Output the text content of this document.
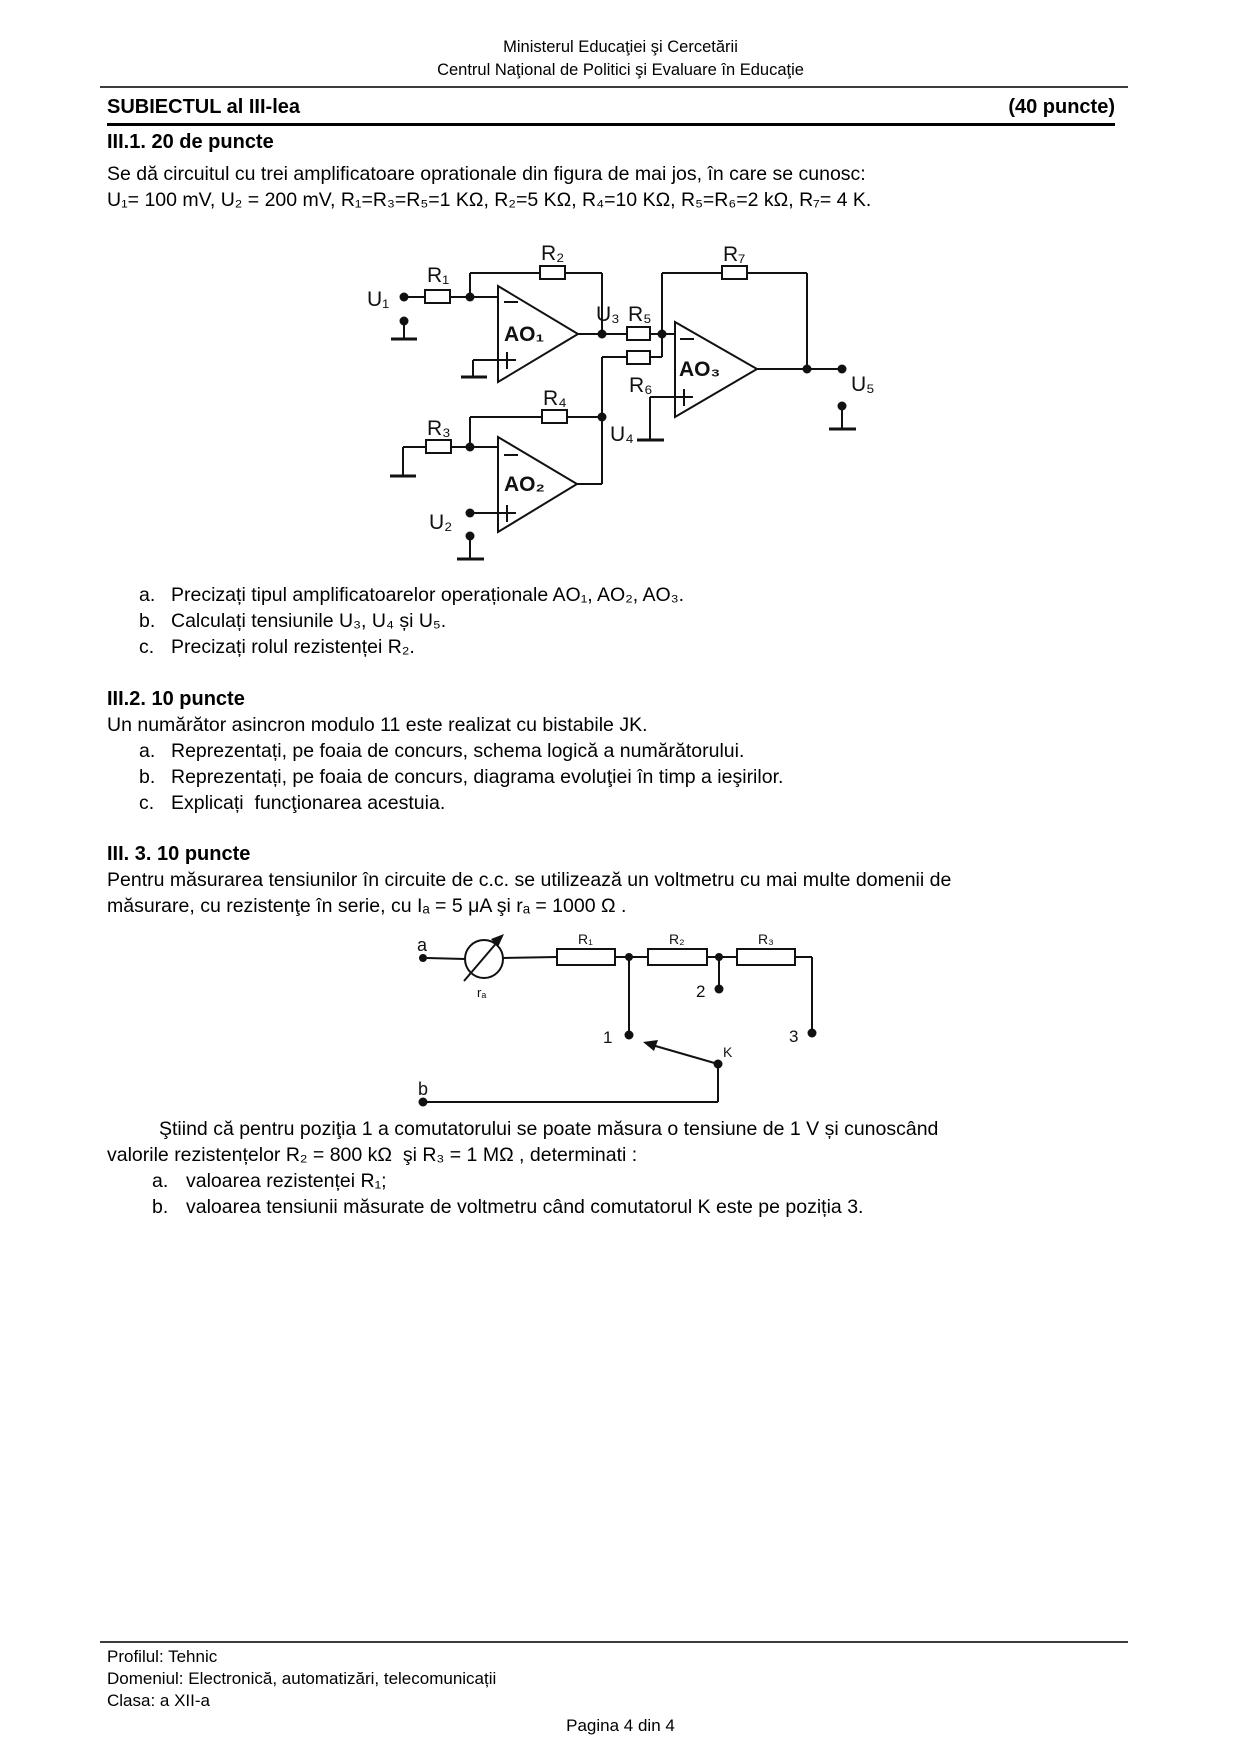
Ministerul Educaţiei şi Cercetării
Centrul Naţional de Politici şi Evaluare în Educaţie
SUBIECTUL al III-lea	(40 puncte)
III.1. 20 de puncte
Se dă circuitul cu trei amplificatoare oprationale din figura de mai jos, în care se cunosc:
U₁= 100 mV, U₂ = 200 mV, R₁=R₃=R₅=1 KΩ, R₂=5 KΩ, R₄=10 KΩ, R₅=R₆=2 kΩ, R₇= 4 K.
U₁
R₁
R₂	R₇
U₃ R₅
R₆
U₄
R₄
R₃
U₂
U₅
AO₁
AO₂
AO₃
a. Precizați tipul amplificatoarelor operaționale AO₁, AO₂, AO₃.
b. Calculați tensiunile U₃, U₄ și U₅.
c. Precizați rolul rezistenței R₂.
III.2. 10 puncte
Un numărător asincron modulo 11 este realizat cu bistabile JK.
a. Reprezentați, pe foaia de concurs, schema logică a numărătorului.
b. Reprezentați, pe foaia de concurs, diagrama evoluţiei în timp a ieşirilor.
c. Explicați  funcţionarea acestuia.
III. 3. 10 puncte
Pentru măsurarea tensiunilor în circuite de c.c. se utilizează un voltmetru cu mai multe domenii de
măsurare, cu rezistenţe în serie, cu Iₐ = 5 μA şi rₐ = 1000 Ω .
a
b
rₐ
R₁	R₂	R₃
1
2
3
K
Ştiind că pentru poziţia 1 a comutatorului se poate măsura o tensiune de 1 V și cunoscând
valorile rezistențelor R₂ = 800 kΩ  şi R₃ = 1 MΩ , determinati :
a. valoarea rezistenței R₁;
b. valoarea tensiunii măsurate de voltmetru când comutatorul K este pe poziția 3.
Profilul: Tehnic
Domeniul: Electronică, automatizări, telecomunicații
Clasa: a XII-a
Pagina 4 din 4
